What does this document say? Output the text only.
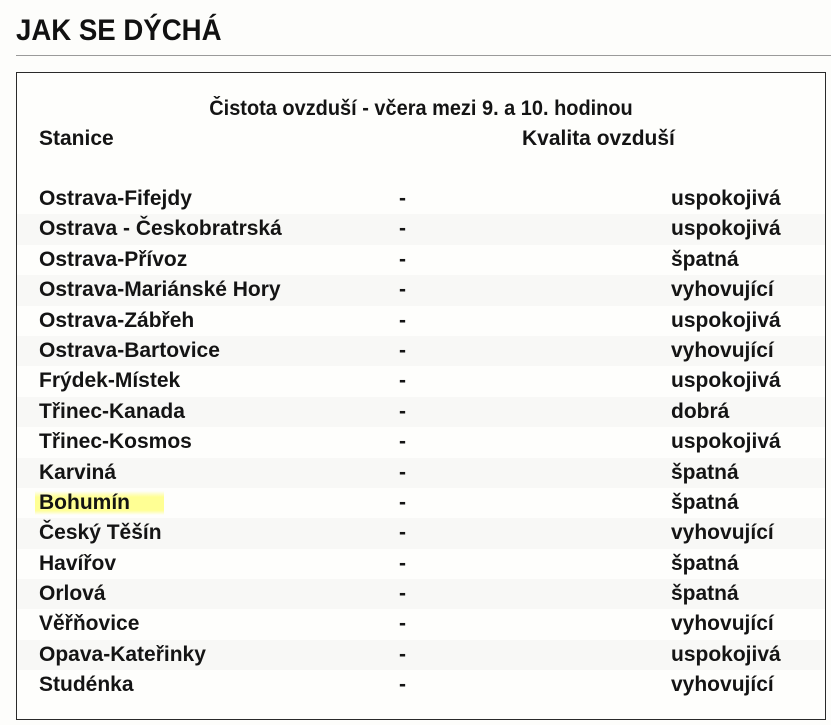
JAK SE DÝCHÁ
Čistota ovzduší - včera mezi 9. a 10. hodinou
Stanice	Kvalita ovzduší
Ostrava-Fifejdy	-	uspokojivá
Ostrava - Českobratrská	-	uspokojivá
Ostrava-Přívoz	-	špatná
Ostrava-Mariánské Hory	-	vyhovující
Ostrava-Zábřeh	-	uspokojivá
Ostrava-Bartovice	-	vyhovující
Frýdek-Místek	-	uspokojivá
Třinec-Kanada	-	dobrá
Třinec-Kosmos	-	uspokojivá
Karviná	-	špatná
Bohumín	-	špatná
Český Těšín	-	vyhovující
Havířov	-	špatná
Orlová	-	špatná
Věřňovice	-	vyhovující
Opava-Kateřinky	-	uspokojivá
Studénka	-	vyhovující
